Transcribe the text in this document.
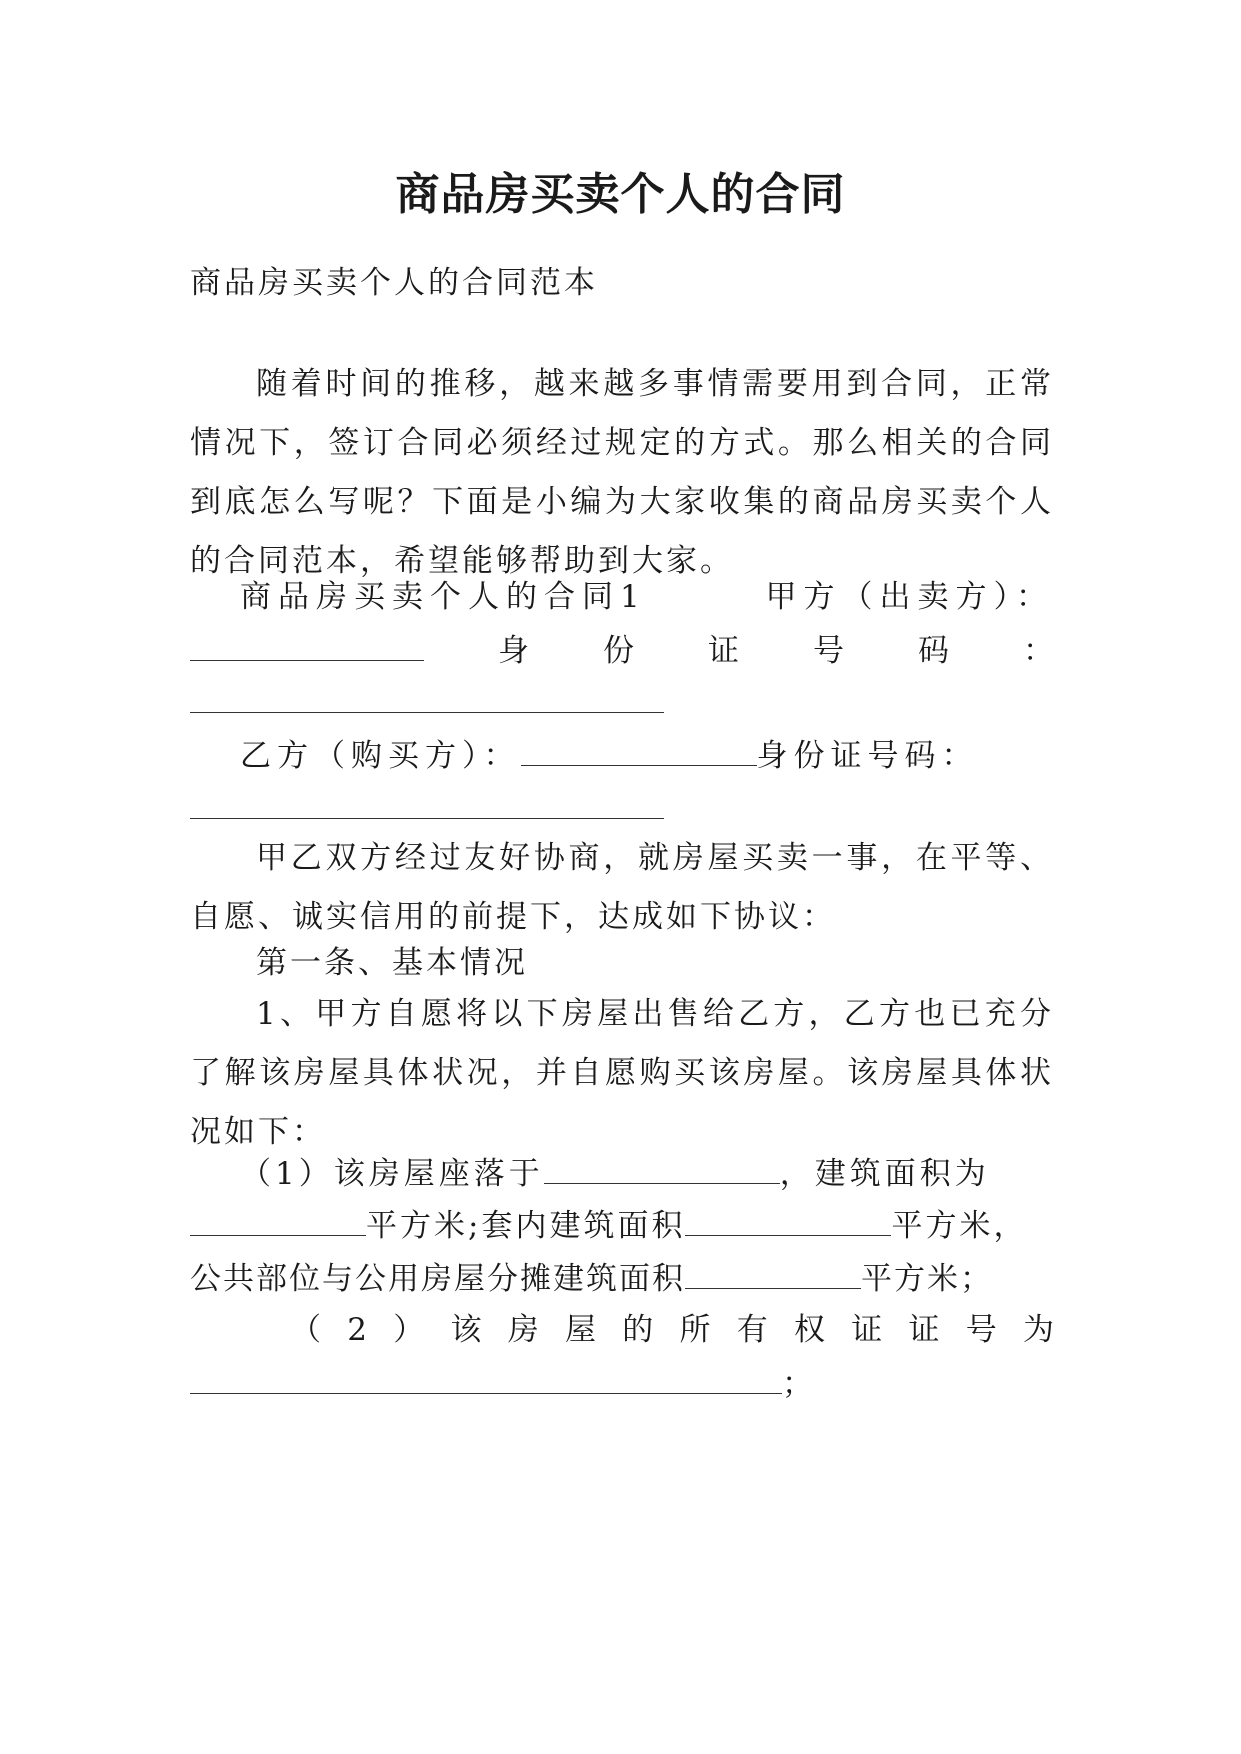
商品房买卖个人的合同
商品房买卖个人的合同范本

随着时间的推移，越来越多事情需要用到合同，正常情况下，签订合同必须经过规定的方式。那么相关的合同到底怎么写呢？下面是小编为大家收集的商品房买卖个人的合同范本，希望能够帮助到大家。

商品房买卖个人的合同1	甲方（出卖方）：
身 份 证 号 码 ：
乙方（购买方）：	身份证号码：

甲乙双方经过友好协商，就房屋买卖一事，在平等、自愿、诚实信用的前提下，达成如下协议：

第一条、基本情况

1、甲方自愿将以下房屋出售给乙方，乙方也已充分了解该房屋具体状况，并自愿购买该房屋。该房屋具体状况如下：

（1）该房屋座落于	，建筑面积为
平方米;套内建筑面积	平方米，
公共部位与公用房屋分摊建筑面积	平方米；
（ 2 ） 该 房 屋 的 所 有 权 证 证 号 为
；
